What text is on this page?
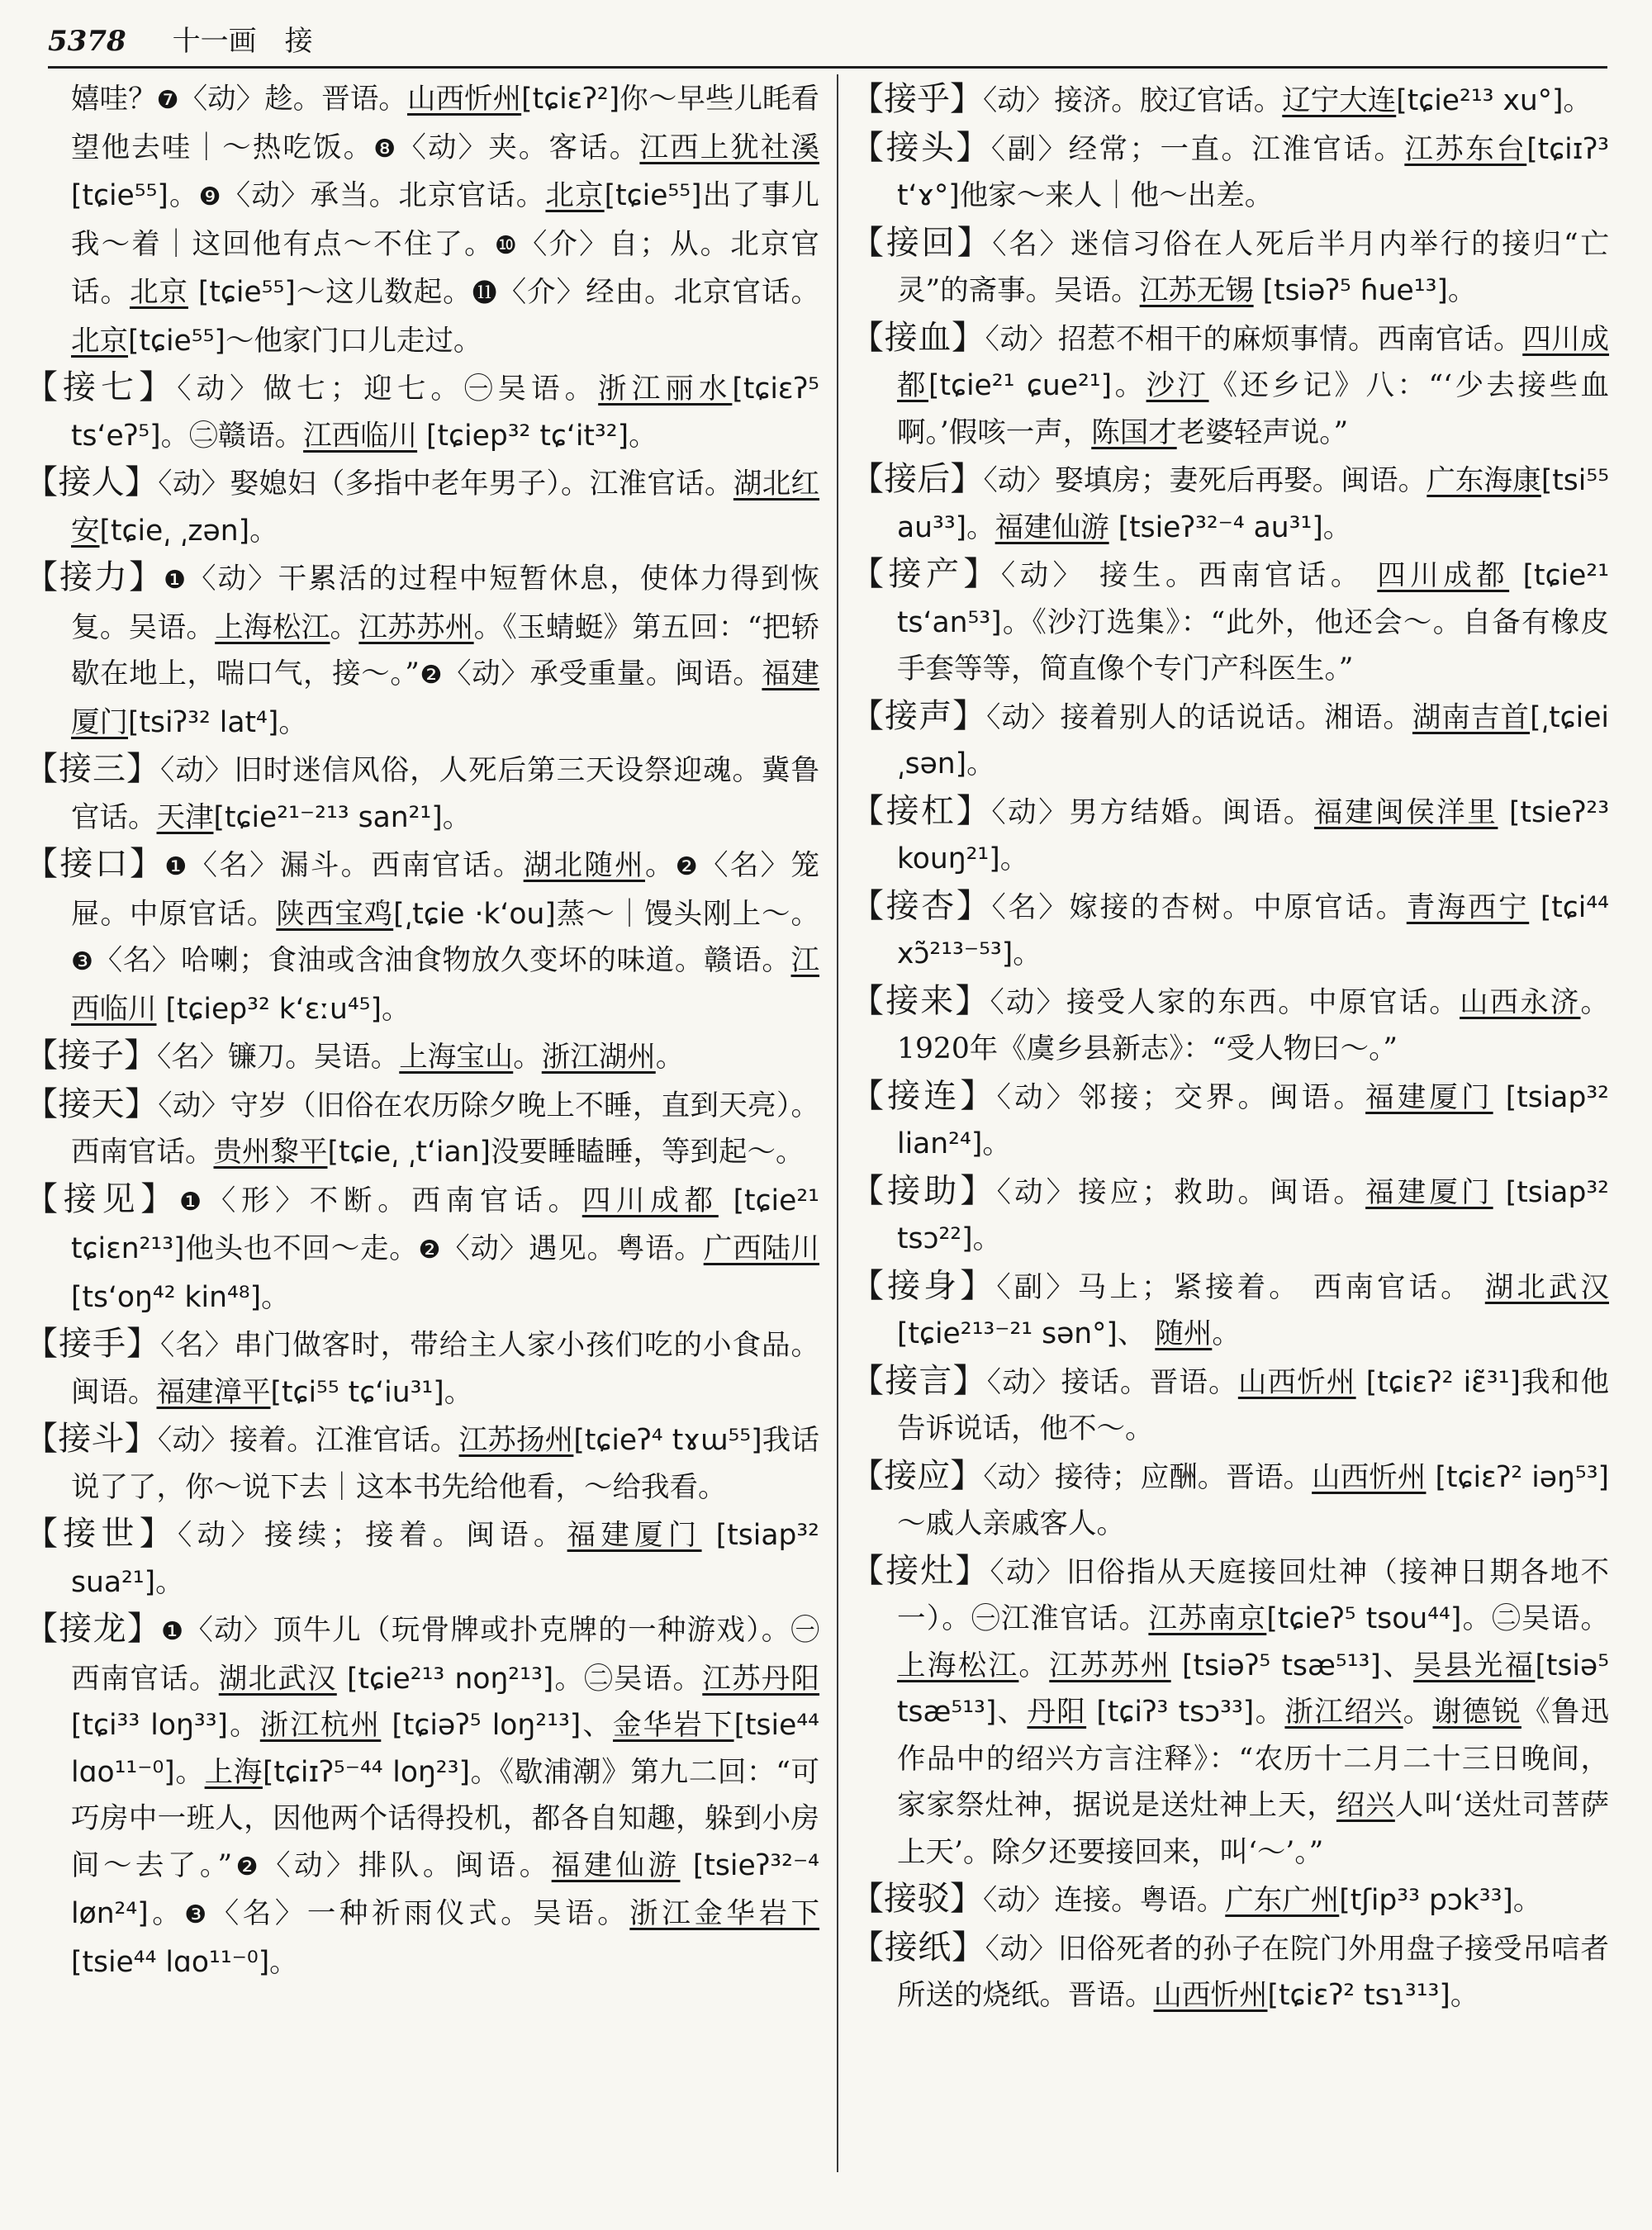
5378 十一画 接

嬉哇？❼〈动〉趁。晋语。山西忻州[tɕiɛʔ²]你～早些儿眊看望他去哇｜～热吃饭。❽〈动〉夹。客话。江西上犹社溪 [tɕie⁵⁵]。❾〈动〉承当。北京官话。北京[tɕie⁵⁵]出了事儿我～着｜这回他有点～不住了。❿〈介〉自；从。北京官话。北京 [tɕie⁵⁵]～这儿数起。⓫〈介〉经由。北京官话。北京[tɕie⁵⁵]～他家门口儿走过。

【接七】〈动〉做七；迎七。㊀吴语。浙江丽水[tɕiɛʔ⁵ tsʻeʔ⁵]。㊁赣语。江西临川 [tɕiep³² tɕʻit³²]。

【接人】〈动〉娶媳妇（多指中老年男子）。江淮官话。湖北红安[tɕie͵ ͵zən]。

【接力】❶〈动〉干累活的过程中短暂休息，使体力得到恢复。吴语。上海松江。江苏苏州。《玉蜻蜓》第五回：“把轿歇在地上，喘口气，接～。”❷〈动〉承受重量。闽语。福建厦门[tsiʔ³² lat⁴]。

【接三】〈动〉旧时迷信风俗，人死后第三天设祭迎魂。冀鲁官话。天津[tɕie²¹⁻²¹³ san²¹]。

【接口】❶〈名〉漏斗。西南官话。湖北随州。❷〈名〉笼屉。中原官话。陕西宝鸡[͵tɕie ·kʻou]蒸～｜馒头刚上～。❸〈名〉哈喇；食油或含油食物放久变坏的味道。赣语。江西临川 [tɕiep³² kʻɛːu⁴⁵]。

【接子】〈名〉镰刀。吴语。上海宝山。浙江湖州。

【接天】〈动〉守岁（旧俗在农历除夕晚上不睡，直到天亮）。西南官话。贵州黎平[tɕie͵ ͵tʻian]没要睡瞌睡，等到起～。

【接见】❶〈形〉不断。西南官话。四川成都 [tɕie²¹ tɕiɛn²¹³]他头也不回～走。❷〈动〉遇见。粤语。广西陆川[tsʻoŋ⁴² kin⁴⁸]。

【接手】〈名〉串门做客时，带给主人家小孩们吃的小食品。闽语。福建漳平[tɕi⁵⁵ tɕʻiu³¹]。

【接斗】〈动〉接着。江淮官话。江苏扬州[tɕieʔ⁴ tɤɯ⁵⁵]我话说了了，你～说下去｜这本书先给他看，～给我看。

【接世】〈动〉接续；接着。闽语。福建厦门 [tsiap³² sua²¹]。

【接龙】❶〈动〉顶牛儿（玩骨牌或扑克牌的一种游戏）。㊀西南官话。湖北武汉 [tɕie²¹³ noŋ²¹³]。㊁吴语。江苏丹阳 [tɕi³³ loŋ³³]。浙江杭州 [tɕiəʔ⁵ loŋ²¹³]、金华岩下[tsie⁴⁴ lɑo¹¹⁻⁰]。上海[tɕiɪʔ⁵⁻⁴⁴ loŋ²³]。《歇浦潮》第九二回：“可巧房中一班人，因他两个话得投机，都各自知趣，躲到小房间～去了。”❷〈动〉排队。闽语。福建仙游 [tsieʔ³²⁻⁴ løn²⁴]。❸〈名〉一种祈雨仪式。吴语。浙江金华岩下 [tsie⁴⁴ lɑo¹¹⁻⁰]。

【接乎】〈动〉接济。胶辽官话。辽宁大连[tɕie²¹³ xu°]。

【接头】〈副〉经常；一直。江淮官话。江苏东台[tɕiɪʔ³ tʻɤ°]他家～来人｜他～出差。

【接回】〈名〉迷信习俗在人死后半月内举行的接归“亡灵”的斋事。吴语。江苏无锡 [tsiəʔ⁵ ɦue¹³]。

【接血】〈动〉招惹不相干的麻烦事情。西南官话。四川成都[tɕie²¹ ɕue²¹]。沙汀《还乡记》八：“‘少去接些血啊。’假咳一声，陈国才老婆轻声说。”

【接后】〈动〉娶填房；妻死后再娶。闽语。广东海康[tsi⁵⁵ au³³]。福建仙游 [tsieʔ³²⁻⁴ au³¹]。

【接产】〈动〉 接生。西南官话。 四川成都 [tɕie²¹ tsʻan⁵³]。《沙汀选集》：“此外，他还会～。自备有橡皮手套等等，简直像个专门产科医生。”

【接声】〈动〉接着别人的话说话。湘语。湖南吉首[͵tɕiei ͵sən]。

【接杠】〈动〉男方结婚。闽语。福建闽侯洋里 [tsieʔ²³ kouŋ²¹]。

【接杏】〈名〉嫁接的杏树。中原官话。青海西宁 [tɕi⁴⁴ xɔ̃²¹³⁻⁵³]。

【接来】〈动〉接受人家的东西。中原官话。山西永济。1920年《虞乡县新志》：“受人物曰～。”

【接连】〈动〉邻接；交界。闽语。福建厦门 [tsiap³² lian²⁴]。

【接助】〈动〉接应；救助。闽语。福建厦门 [tsiap³² tsɔ²²]。

【接身】〈副〉马上；紧接着。 西南官话。 湖北武汉[tɕie²¹³⁻²¹ sən°]、 随州。

【接言】〈动〉接话。晋语。山西忻州 [tɕiɛʔ² iɛ̃³¹]我和他告诉说话，他不～。

【接应】〈动〉接待；应酬。晋语。山西忻州 [tɕiɛʔ² iəŋ⁵³]～戚人亲戚客人。

【接灶】〈动〉旧俗指从天庭接回灶神（接神日期各地不一）。㊀江淮官话。江苏南京[tɕieʔ⁵ tsou⁴⁴]。㊁吴语。上海松江。江苏苏州 [tsiəʔ⁵ tsæ⁵¹³]、吴县光福[tsiə⁵ tsæ⁵¹³]、丹阳 [tɕiʔ³ tsɔ³³]。浙江绍兴。谢德锐《鲁迅作品中的绍兴方言注释》：“农历十二月二十三日晚间，家家祭灶神，据说是送灶神上天，绍兴人叫‘送灶司菩萨上天’。除夕还要接回来，叫‘～’。”

【接驳】〈动〉连接。粤语。广东广州[tʃip³³ pɔk³³]。

【接纸】〈动〉旧俗死者的孙子在院门外用盘子接受吊唁者所送的烧纸。晋语。山西忻州[tɕiɛʔ² tsɿ³¹³]。
